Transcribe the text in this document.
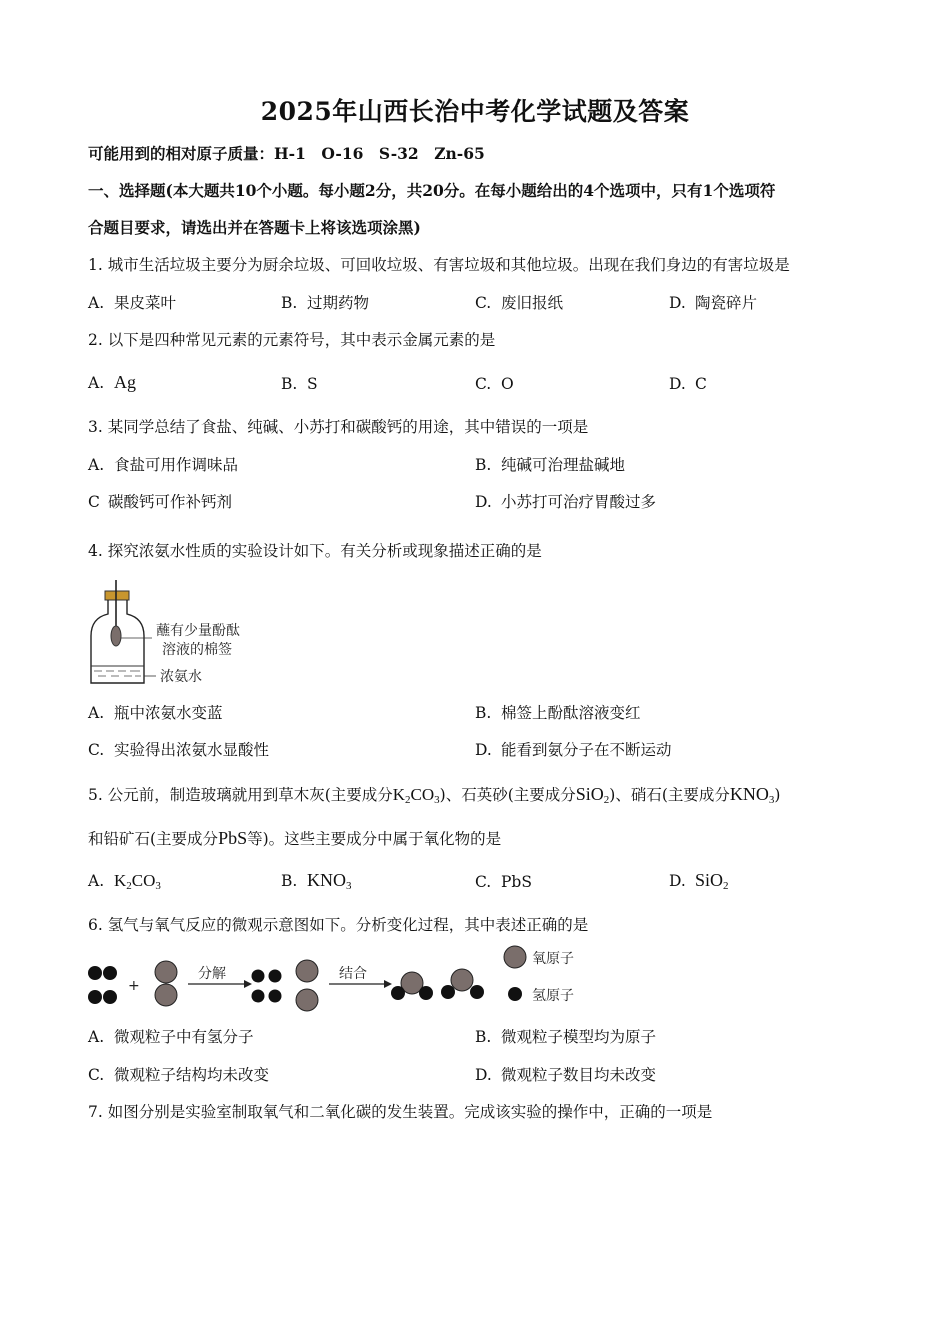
2025年山西长治中考化学试题及答案
可能用到的相对原子质量：H-1　O-16　S-32　Zn-65
一、选择题(本大题共10个小题。每小题2分，共20分。在每小题给出的4个选项中，只有1个选项符
合题目要求，请选出并在答题卡上将该选项涂黑)
1. 城市生活垃圾主要分为厨余垃圾、可回收垃圾、有害垃圾和其他垃圾。出现在我们身边的有害垃圾是
A. 果皮菜叶	B. 过期药物	C. 废旧报纸	D. 陶瓷碎片
2. 以下是四种常见元素的元素符号，其中表示金属元素的是
A. Ag	B. S	C. O	D. C
3. 某同学总结了食盐、纯碱、小苏打和碳酸钙的用途，其中错误的一项是
A. 食盐可用作调味品	B. 纯碱可治理盐碱地
C 碳酸钙可作补钙剂	D. 小苏打可治疗胃酸过多
4. 探究浓氨水性质的实验设计如下。有关分析或现象描述正确的是
蘸有少量酚酞
溶液的棉签
浓氨水
A. 瓶中浓氨水变蓝	B. 棉签上酚酞溶液变红
C. 实验得出浓氨水显酸性	D. 能看到氨分子在不断运动
5. 公元前，制造玻璃就用到草木灰(主要成分$K_2CO_3$)、石英砂(主要成分SiO$_2$)、硝石(主要成分$KNO_3$)
和铅矿石(主要成分PbS等)。这些主要成分中属于氧化物的是
A. $K_2CO_3$	B. $KNO_3$	C. PbS	D. SiO$_2$
6. 氢气与氧气反应的微观示意图如下。分析变化过程，其中表述正确的是
+
分解	结合
氧原子
氢原子
A. 微观粒子中有氢分子	B. 微观粒子模型均为原子
C. 微观粒子结构均未改变	D. 微观粒子数目均未改变
7. 如图分别是实验室制取氧气和二氧化碳的发生装置。完成该实验的操作中，正确的一项是
